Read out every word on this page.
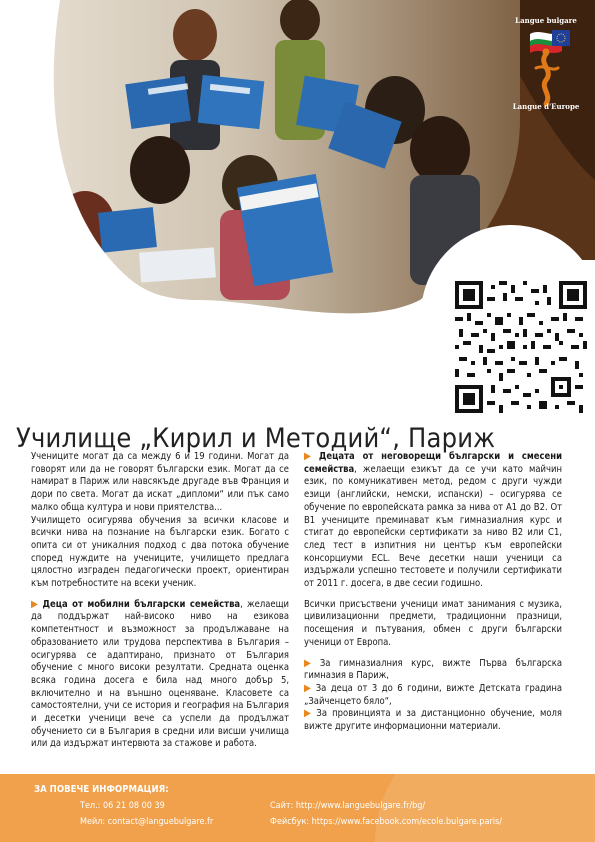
Langue bulgare
Langue d'Europe
Училище „Кирил и Методий“, Париж

Учениците могат да са между 6 и 19 години. Могат да говорят или да не говорят български език. Могат да се намират в Париж или навсякъде другаде във Франция и дори по света. Могат да искат „дипломи“ или пък само малко обща култура и нови приятелства...

Училището осигурява обучения за всички класове и всички нива на познание на български език. Богато с опита си от уникалния подход с два потока обучение според нуждите на учениците, училището предлага цялостно изграден педагогически проект, ориентиран към потребностите на всеки ученик.

▶ Деца от мобилни български семейства, желаещи да поддържат най-високо ниво на езикова компетентност и възможност за продължаване на образованието или трудова перспектива в България – осигурява се адаптирано, признато от България обучение с много високи резултати. Средната оценка всяка година досега е била над много добър 5, включително и на външно оценяване. Класовете са самостоятелни, учи се история и география на България и десетки ученици вече са успели да продължат обучението си в България в средни или висши училища или да издържат интервюта за стажове и работа.

▶ Децата от неговорещи български и смесени семейства, желаещи езикът да се учи като майчин език, по комуникативен метод, редом с други чужди езици (английски, немски, испански) – осигурява се обучение по европейската рамка за нива от А1 до В2. От В1 учениците преминават към гимназиалния курс и стигат до европейски сертификати за ниво В2 или С1, след тест в изпитния ни център към европейски консорциуми ECL. Вече десетки наши ученици са издържали успешно тестовете и получили сертификати от 2011 г. досега, в две сесии годишно.

Всички присъствени ученици имат занимания с музика, цивилизационни предмети, традиционни празници, посещения и пътувания, обмен с други български ученици от Европа.

▶ За гимназиалния курс, вижте Първа българска гимназия в Париж,

▶ За деца от 3 до 6 години, вижте Детската градина „Зайченцето бяло“,

▶ За провинцията и за дистанционно обучение, моля вижте другите информационни материали.

ЗА ПОВЕЧЕ ИНФОРМАЦИЯ:
Тел.: 06 21 08 00 39
Мейл: contact@languebulgare.fr
Сайт: http://www.languebulgare.fr/bg/
Фейсбук: https://www.facebook.com/ecole.bulgare.paris/
